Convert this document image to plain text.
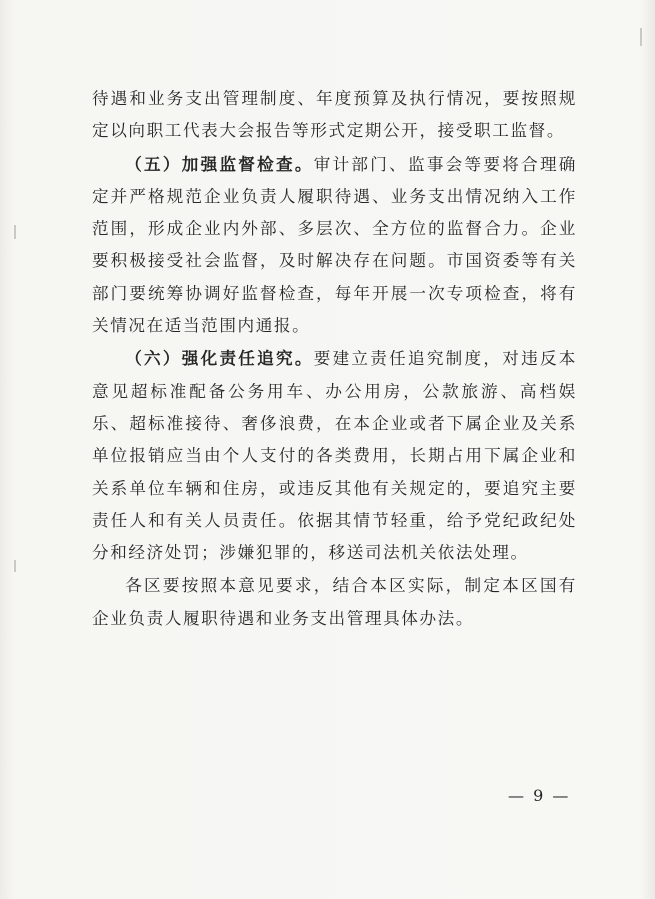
待遇和业务支出管理制度、年度预算及执行情况，要按照规定以向职工代表大会报告等形式定期公开，接受职工监督。

（五）加强监督检查。审计部门、监事会等要将合理确定并严格规范企业负责人履职待遇、业务支出情况纳入工作范围，形成企业内外部、多层次、全方位的监督合力。企业要积极接受社会监督，及时解决存在问题。市国资委等有关部门要统筹协调好监督检查，每年开展一次专项检查，将有关情况在适当范围内通报。

（六）强化责任追究。要建立责任追究制度，对违反本意见超标准配备公务用车、办公用房，公款旅游、高档娱乐、超标准接待、奢侈浪费，在本企业或者下属企业及关系单位报销应当由个人支付的各类费用，长期占用下属企业和关系单位车辆和住房，或违反其他有关规定的，要追究主要责任人和有关人员责任。依据其情节轻重，给予党纪政纪处分和经济处罚；涉嫌犯罪的，移送司法机关依法处理。

各区要按照本意见要求，结合本区实际，制定本区国有企业负责人履职待遇和业务支出管理具体办法。

— 9 —
